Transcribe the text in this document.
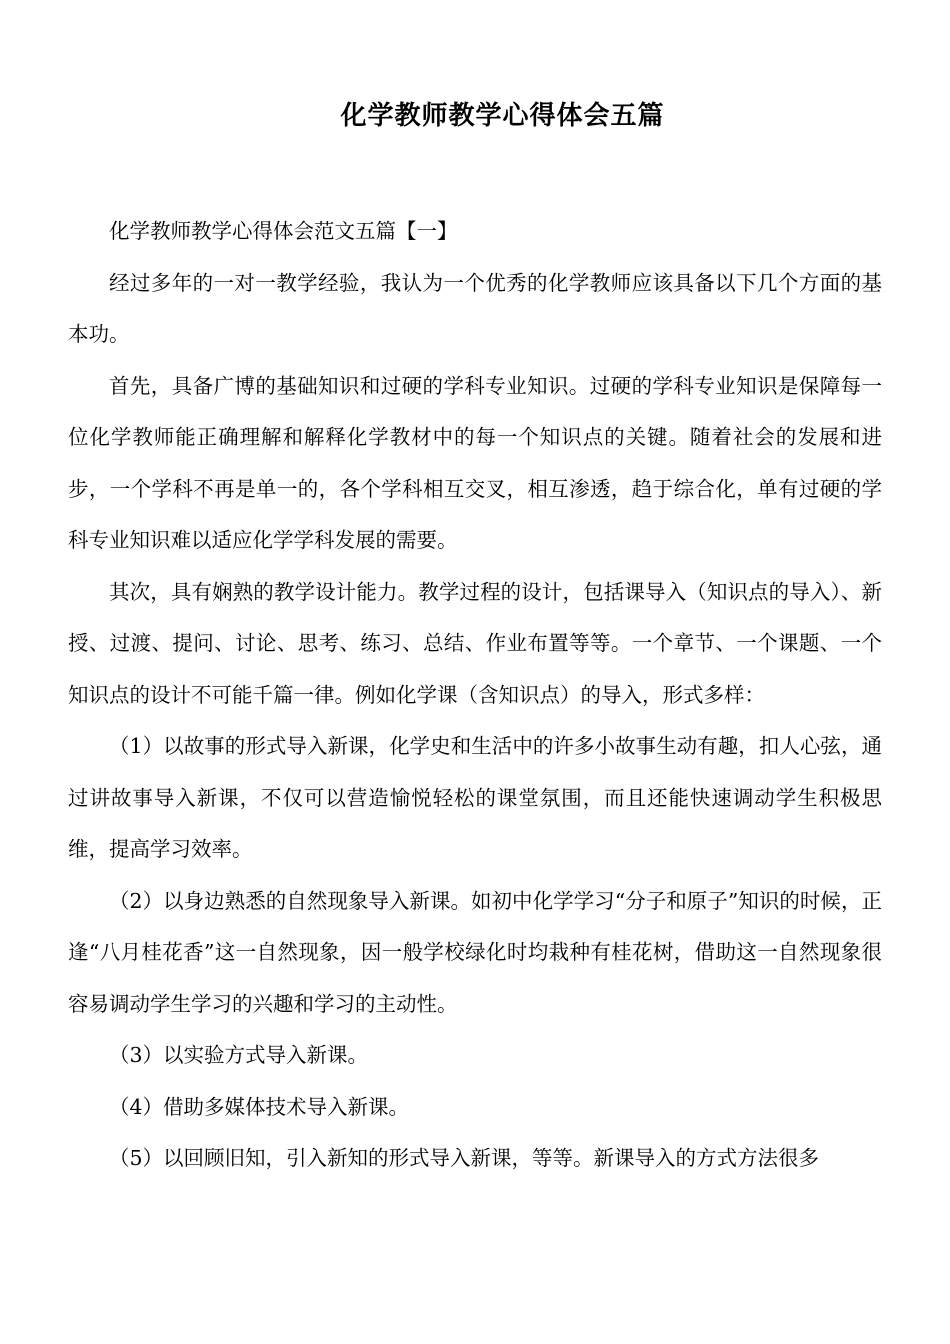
化学教师教学心得体会五篇

化学教师教学心得体会范文五篇【一】

经过多年的一对一教学经验，我认为一个优秀的化学教师应该具备以下几个方面的基本功。

首先，具备广博的基础知识和过硬的学科专业知识。过硬的学科专业知识是保障每一位化学教师能正确理解和解释化学教材中的每一个知识点的关键。随着社会的发展和进步，一个学科不再是单一的，各个学科相互交叉，相互渗透，趋于综合化，单有过硬的学科专业知识难以适应化学学科发展的需要。

其次，具有娴熟的教学设计能力。教学过程的设计，包括课导入（知识点的导入）、新授、过渡、提问、讨论、思考、练习、总结、作业布置等等。一个章节、一个课题、一个知识点的设计不可能千篇一律。例如化学课（含知识点）的导入，形式多样：

（1）以故事的形式导入新课，化学史和生活中的许多小故事生动有趣，扣人心弦，通过讲故事导入新课，不仅可以营造愉悦轻松的课堂氛围，而且还能快速调动学生积极思维，提高学习效率。

（2）以身边熟悉的自然现象导入新课。如初中化学学习“分子和原子”知识的时候，正逢“八月桂花香”这一自然现象，因一般学校绿化时均栽种有桂花树，借助这一自然现象很容易调动学生学习的兴趣和学习的主动性。

（3）以实验方式导入新课。

（4）借助多媒体技术导入新课。

（5）以回顾旧知，引入新知的形式导入新课，等等。新课导入的方式方法很多
